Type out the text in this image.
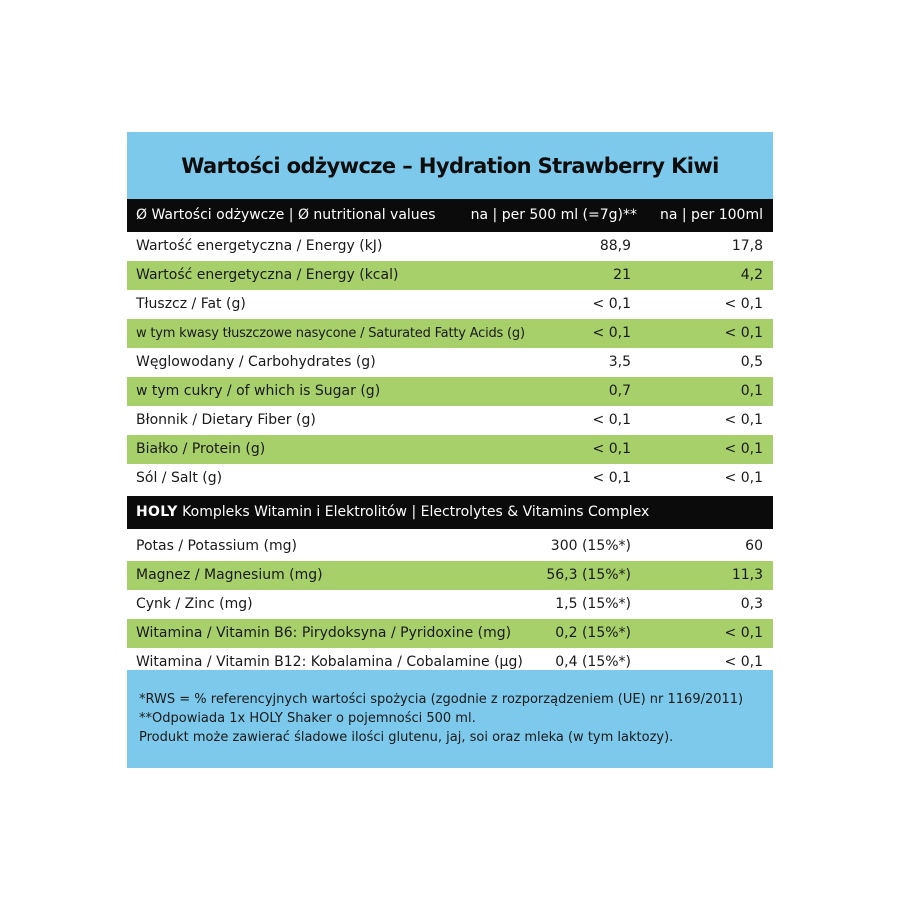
Wartości odżywcze – Hydration Strawberry Kiwi
Ø Wartości odżywcze | Ø nutritional values	na | per 500 ml (=7g)** na | per 100ml
Wartość energetyczna / Energy (kJ)	88,9	17,8
Wartość energetyczna / Energy (kcal)	21	4,2
Tłuszcz / Fat (g)	< 0,1	< 0,1
w tym kwasy tłuszczowe nasycone / Saturated Fatty Acids (g)	< 0,1	< 0,1
Węglowodany / Carbohydrates (g)	3,5	0,5
w tym cukry / of which is Sugar (g)	0,7	0,1
Błonnik / Dietary Fiber (g)	< 0,1	< 0,1
Białko / Protein (g)	< 0,1	< 0,1
Sól / Salt (g)	< 0,1	< 0,1
HOLY Kompleks Witamin i Elektrolitów | Electrolytes & Vitamins Complex
Potas / Potassium (mg)	300 (15%*)	60
Magnez / Magnesium (mg)	56,3 (15%*)	11,3
Cynk / Zinc (mg)	1,5 (15%*)	0,3
Witamina / Vitamin B6: Pirydoksyna / Pyridoxine (mg)	0,2 (15%*)	< 0,1
Witamina / Vitamin B12: Kobalamina / Cobalamine (µg) 0,4 (15%*)	< 0,1
*RWS = % referencyjnych wartości spożycia (zgodnie z rozporządzeniem (UE) nr 1169/2011)
**Odpowiada 1x HOLY Shaker o pojemności 500 ml.
Produkt może zawierać śladowe ilości glutenu, jaj, soi oraz mleka (w tym laktozy).
